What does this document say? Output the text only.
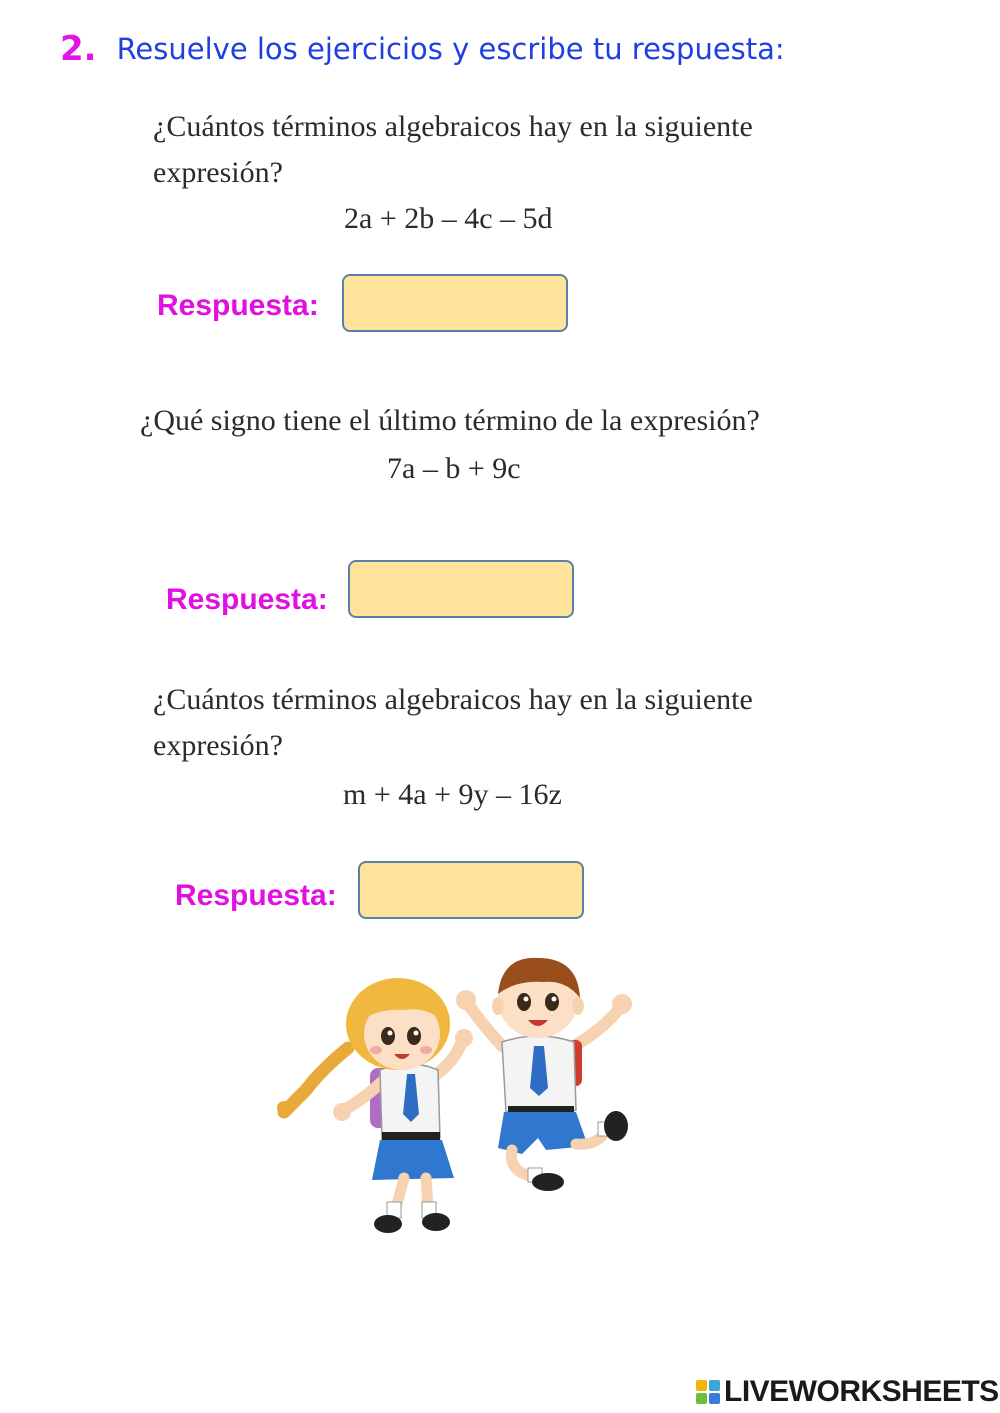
2. Resuelve los ejercicios y escribe tu respuesta:

¿Cuántos términos algebraicos hay en la siguiente expresión?

2a + 2b – 4c – 5d
Respuesta:

¿Qué signo tiene el último término de la expresión?

7a – b + 9c
Respuesta:

¿Cuántos términos algebraicos hay en la siguiente expresión?

m + 4a + 9y – 16z
Respuesta:
LIVEWORKSHEETS
